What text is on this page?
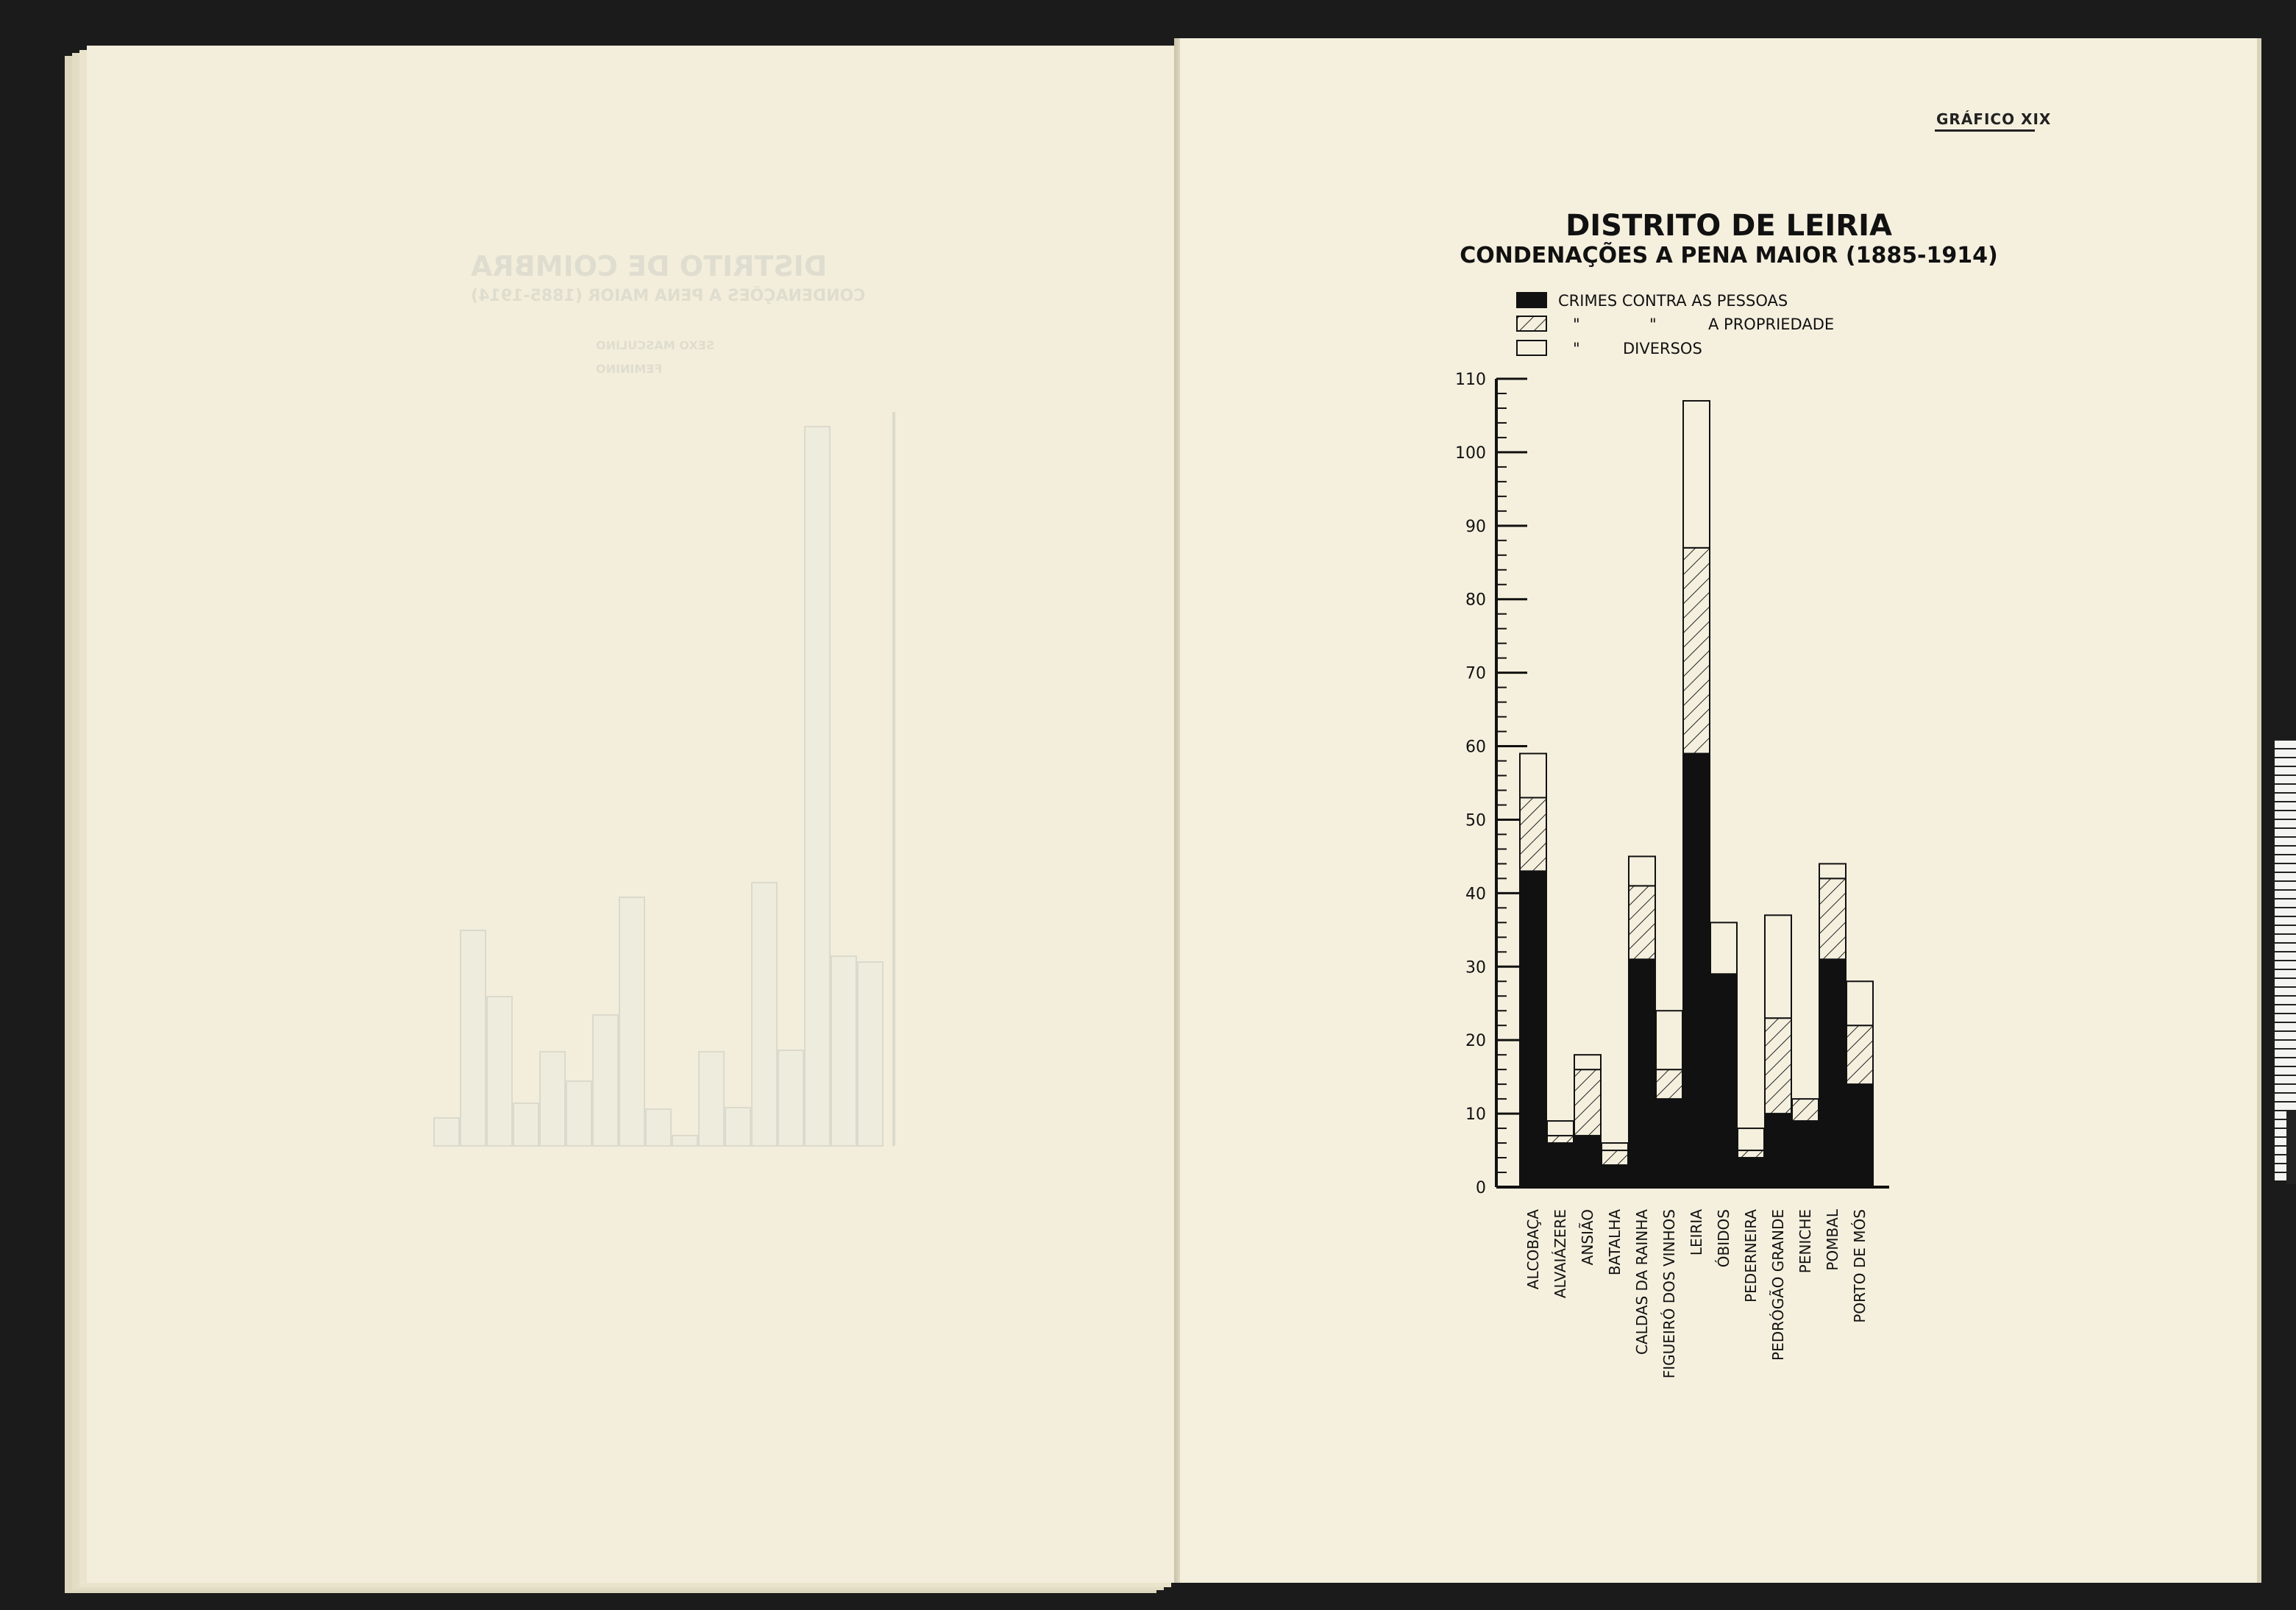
DISTRITO DE COIMBRA
CONDENAÇÕES A PENA MAIOR (1885-1914)
SEXO MASCULINO
FEMININO
GRÁFICO XIX
DISTRITO DE LEIRIA
CONDENAÇÕES A PENA MAIOR (1885-1914)
CRIMES CONTRA AS PESSOAS
"	"	A PROPRIEDADE
"	DIVERSOS
0
10
20
30
40
50
60
70
80
90
100
110
ALCOBAÇA ALVAIÁZERE ANSIÃO BATALHA CALDAS DA RAINHA FIGUEIRÓ DOS VINHOS LEIRIA ÓBIDOS PEDERNEIRA PEDRÓGÃO GRANDE PENICHE POMBAL PORTO DE MÓS
